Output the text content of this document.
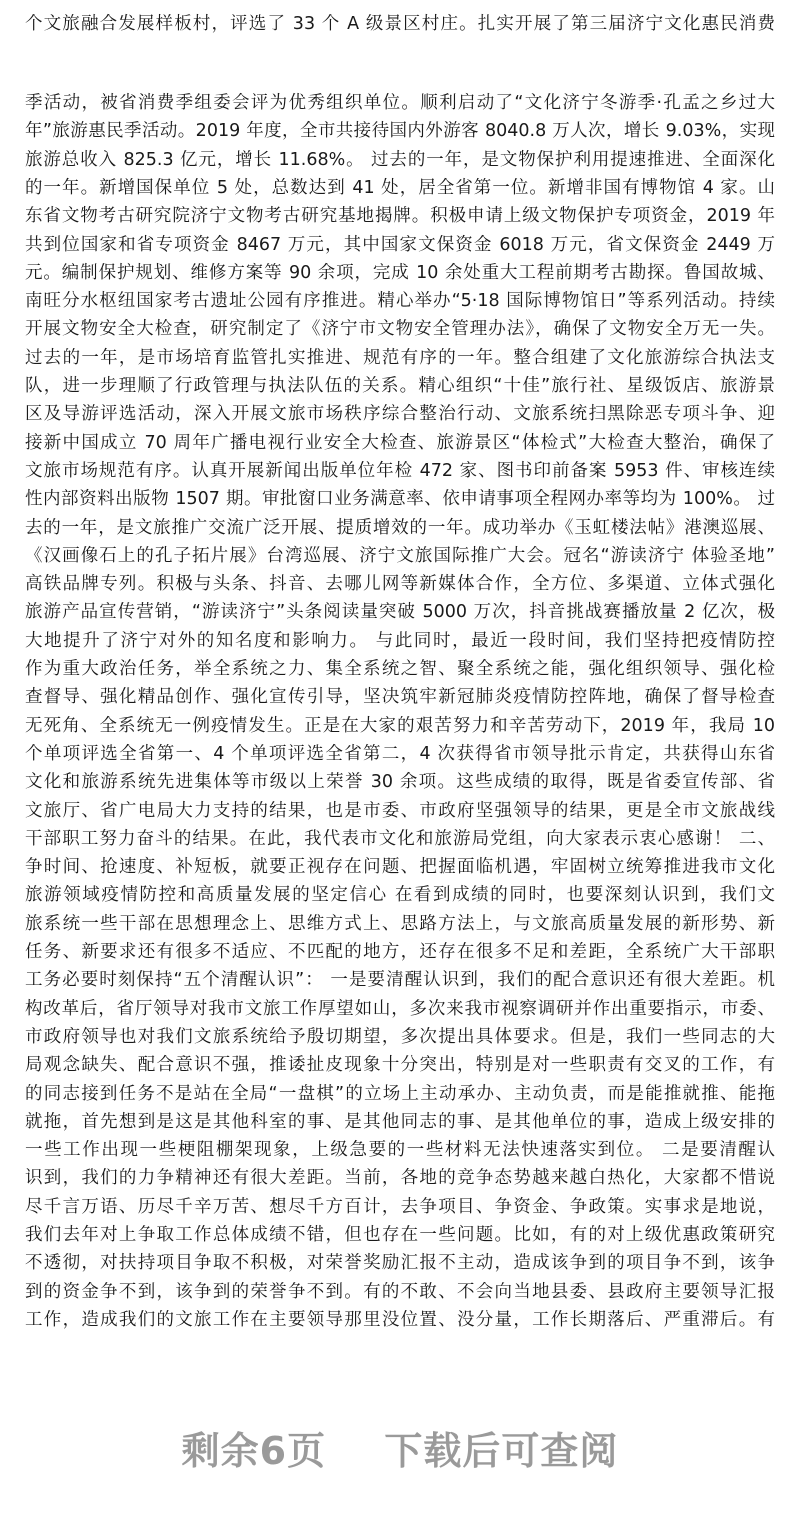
个文旅融合发展样板村，评选了 33 个 A 级景区村庄。扎实开展了第三届济宁文化惠民消费
季活动，被省消费季组委会评为优秀组织单位。顺利启动了“文化济宁冬游季·孔孟之乡过大
年”旅游惠民季活动。2019 年度，全市共接待国内外游客 8040.8 万人次，增长 9.03%，实现
旅游总收入 825.3 亿元，增长 11.68%。 过去的一年，是文物保护利用提速推进、全面深化
的一年。新增国保单位 5 处，总数达到 41 处，居全省第一位。新增非国有博物馆 4 家。山
东省文物考古研究院济宁文物考古研究基地揭牌。积极申请上级文物保护专项资金，2019 年
共到位国家和省专项资金 8467 万元，其中国家文保资金 6018 万元，省文保资金 2449 万
元。编制保护规划、维修方案等 90 余项，完成 10 余处重大工程前期考古勘探。鲁国故城、
南旺分水枢纽国家考古遗址公园有序推进。精心举办“5·18 国际博物馆日”等系列活动。持续
开展文物安全大检查，研究制定了《济宁市文物安全管理办法》，确保了文物安全万无一失。
过去的一年，是市场培育监管扎实推进、规范有序的一年。整合组建了文化旅游综合执法支
队，进一步理顺了行政管理与执法队伍的关系。精心组织“十佳”旅行社、星级饭店、旅游景
区及导游评选活动，深入开展文旅市场秩序综合整治行动、文旅系统扫黑除恶专项斗争、迎
接新中国成立 70 周年广播电视行业安全大检查、旅游景区“体检式”大检查大整治，确保了
文旅市场规范有序。认真开展新闻出版单位年检 472 家、图书印前备案 5953 件、审核连续
性内部资料出版物 1507 期。审批窗口业务满意率、依申请事项全程网办率等均为 100%。 过
去的一年，是文旅推广交流广泛开展、提质增效的一年。成功举办《玉虹楼法帖》港澳巡展、
《汉画像石上的孔子拓片展》台湾巡展、济宁文旅国际推广大会。冠名“游读济宁 体验圣地”
高铁品牌专列。积极与头条、抖音、去哪儿网等新媒体合作，全方位、多渠道、立体式强化
旅游产品宣传营销，“游读济宁”头条阅读量突破 5000 万次，抖音挑战赛播放量 2 亿次，极
大地提升了济宁对外的知名度和影响力。 与此同时，最近一段时间，我们坚持把疫情防控
作为重大政治任务，举全系统之力、集全系统之智、聚全系统之能，强化组织领导、强化检
查督导、强化精品创作、强化宣传引导，坚决筑牢新冠肺炎疫情防控阵地，确保了督导检查
无死角、全系统无一例疫情发生。正是在大家的艰苦努力和辛苦劳动下，2019 年，我局 10
个单项评选全省第一、4 个单项评选全省第二，4 次获得省市领导批示肯定，共获得山东省
文化和旅游系统先进集体等市级以上荣誉 30 余项。这些成绩的取得，既是省委宣传部、省
文旅厅、省广电局大力支持的结果，也是市委、市政府坚强领导的结果，更是全市文旅战线
干部职工努力奋斗的结果。在此，我代表市文化和旅游局党组，向大家表示衷心感谢！ 二、
争时间、抢速度、补短板，就要正视存在问题、把握面临机遇，牢固树立统筹推进我市文化
旅游领域疫情防控和高质量发展的坚定信心 在看到成绩的同时，也要深刻认识到，我们文
旅系统一些干部在思想理念上、思维方式上、思路方法上，与文旅高质量发展的新形势、新
任务、新要求还有很多不适应、不匹配的地方，还存在很多不足和差距，全系统广大干部职
工务必要时刻保持“五个清醒认识”： 一是要清醒认识到，我们的配合意识还有很大差距。机
构改革后，省厅领导对我市文旅工作厚望如山，多次来我市视察调研并作出重要指示，市委、
市政府领导也对我们文旅系统给予殷切期望，多次提出具体要求。但是，我们一些同志的大
局观念缺失、配合意识不强，推诿扯皮现象十分突出，特别是对一些职责有交叉的工作，有
的同志接到任务不是站在全局“一盘棋”的立场上主动承办、主动负责，而是能推就推、能拖
就拖，首先想到是这是其他科室的事、是其他同志的事、是其他单位的事，造成上级安排的
一些工作出现一些梗阻棚架现象，上级急要的一些材料无法快速落实到位。 二是要清醒认
识到，我们的力争精神还有很大差距。当前，各地的竞争态势越来越白热化，大家都不惜说
尽千言万语、历尽千辛万苦、想尽千方百计，去争项目、争资金、争政策。实事求是地说，
我们去年对上争取工作总体成绩不错，但也存在一些问题。比如，有的对上级优惠政策研究
不透彻，对扶持项目争取不积极，对荣誉奖励汇报不主动，造成该争到的项目争不到，该争
到的资金争不到，该争到的荣誉争不到。有的不敢、不会向当地县委、县政府主要领导汇报
工作，造成我们的文旅工作在主要领导那里没位置、没分量，工作长期落后、严重滞后。有
剩余6页 下载后可查阅
